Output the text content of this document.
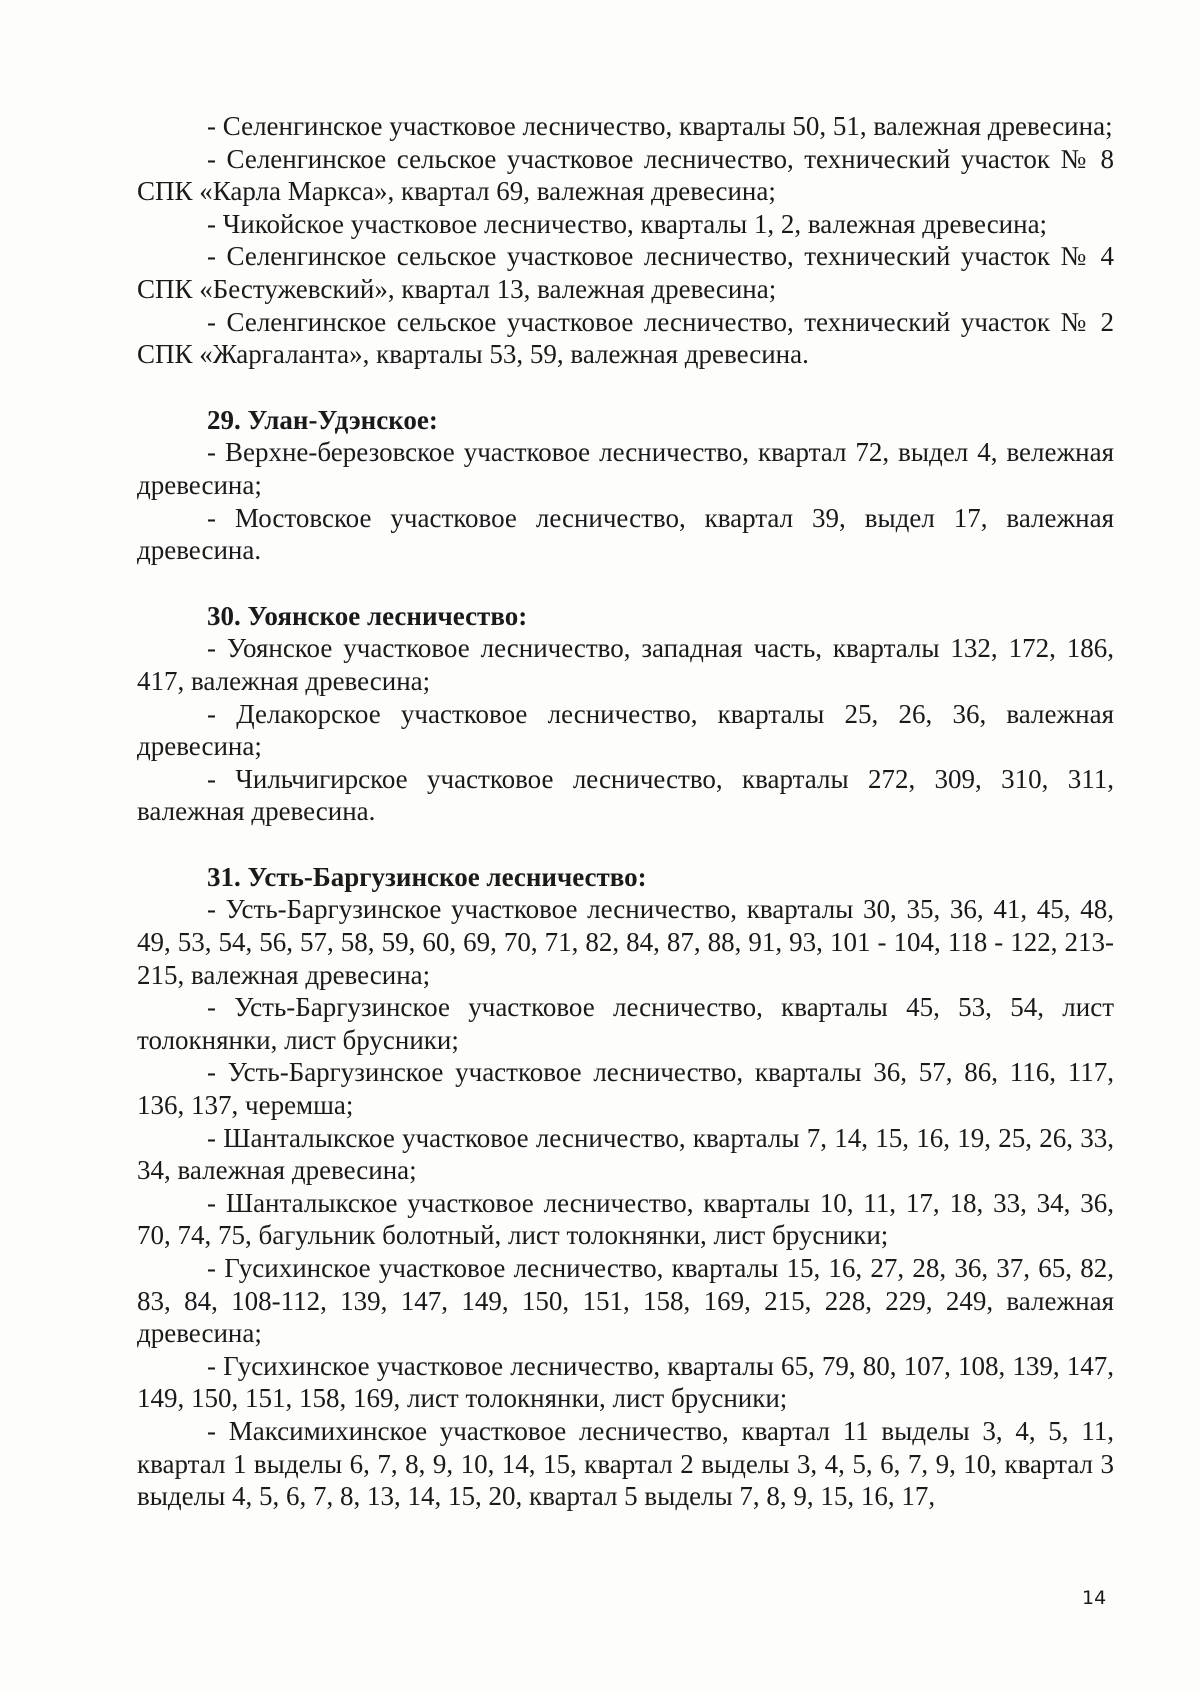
- Селенгинское участковое лесничество, кварталы 50, 51, валежная древесина;

- Селенгинское сельское участковое лесничество, технический участок № 8 СПК «Карла Маркса», квартал 69, валежная древесина;

- Чикойское участковое лесничество, кварталы 1, 2, валежная древесина;

- Селенгинское сельское участковое лесничество, технический участок № 4 СПК «Бестужевский», квартал 13, валежная древесина;

- Селенгинское сельское участковое лесничество, технический участок № 2 СПК «Жаргаланта», кварталы 53, 59, валежная древесина.

29. Улан-Удэнское:

- Верхне-березовское участковое лесничество, квартал 72, выдел 4, вележная древесина;

- Мостовское участковое лесничество, квартал 39, выдел 17, валежная древесина.

30. Уоянское лесничество:

- Уоянское участковое лесничество, западная часть, кварталы 132, 172, 186, 417, валежная древесина;

- Делакорское участковое лесничество, кварталы 25, 26, 36, валежная древесина;

- Чильчигирское участковое лесничество, кварталы 272, 309, 310, 311, валежная древесина.

31. Усть-Баргузинское лесничество:

- Усть-Баргузинское участковое лесничество, кварталы 30, 35, 36, 41, 45, 48, 49, 53, 54, 56, 57, 58, 59, 60, 69, 70, 71, 82, 84, 87, 88, 91, 93, 101 - 104, 118 - 122, 213-215, валежная древесина;

- Усть-Баргузинское участковое лесничество, кварталы 45, 53, 54, лист толокнянки, лист брусники;

- Усть-Баргузинское участковое лесничество, кварталы 36, 57, 86, 116, 117, 136, 137, черемша;

- Шанталыкское участковое лесничество, кварталы 7, 14, 15, 16, 19, 25, 26, 33, 34, валежная древесина;

- Шанталыкское участковое лесничество, кварталы 10, 11, 17, 18, 33, 34, 36, 70, 74, 75, багульник болотный, лист толокнянки, лист брусники;

- Гусихинское участковое лесничество, кварталы 15, 16, 27, 28, 36, 37, 65, 82, 83, 84, 108-112, 139, 147, 149, 150, 151, 158, 169, 215, 228, 229, 249, валежная древесина;

- Гусихинское участковое лесничество, кварталы 65, 79, 80, 107, 108, 139, 147, 149, 150, 151, 158, 169, лист толокнянки, лист брусники;

- Максимихинское участковое лесничество, квартал 11 выделы 3, 4, 5, 11, квартал 1 выделы 6, 7, 8, 9, 10, 14, 15, квартал 2 выделы 3, 4, 5, 6, 7, 9, 10, квартал 3 выделы 4, 5, 6, 7, 8, 13, 14, 15, 20, квартал 5 выделы 7, 8, 9, 15, 16, 17,

14
